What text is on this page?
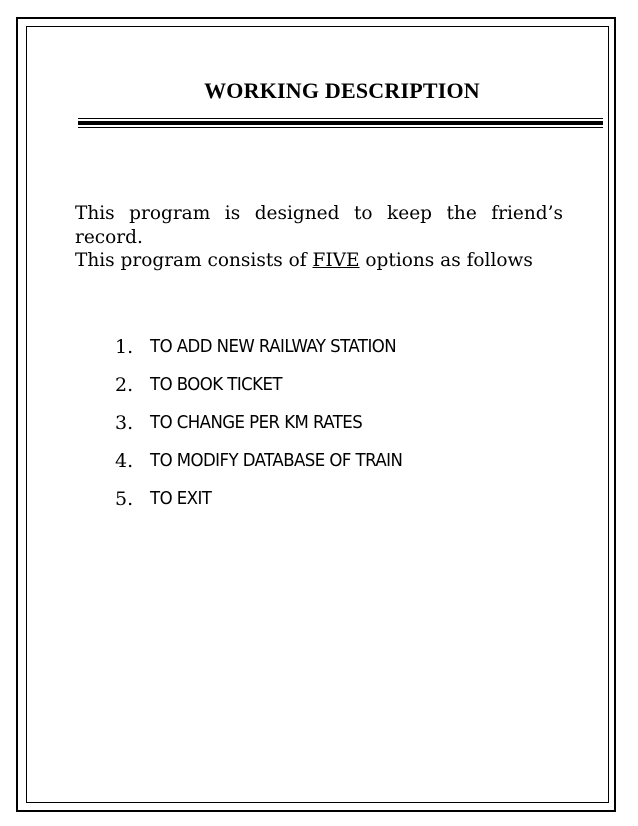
WORKING DESCRIPTION

This program is designed to keep the friend’s record.

This program consists of FIVE options as follows

1. TO ADD NEW RAILWAY STATION
2. TO BOOK TICKET
3. TO CHANGE PER KM RATES
4. TO MODIFY DATABASE OF TRAIN
5. TO EXIT
